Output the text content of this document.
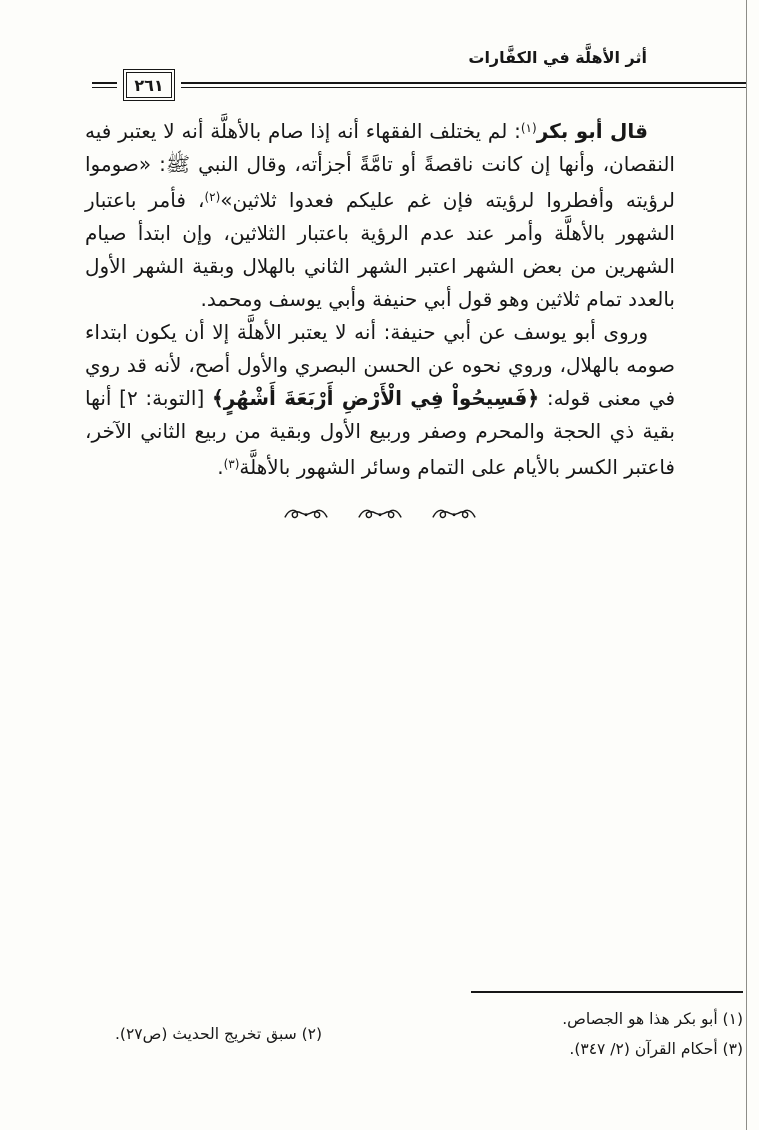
أثر الأهلَّة في الكفَّارات
٢٦١

قال أبو بكر$^{(١)}$: لم يختلف الفقهاء أنه إذا صام بالأهلَّة أنه لا يعتبر فيه النقصان، وأنها إن كانت ناقصةً أو تامَّةً أجزأته، وقال النبي ﷺ: «صوموا لرؤيته وأفطروا لرؤيته فإن غم عليكم فعدوا ثلاثين»$^{(٢)}$، فأمر باعتبار الشهور بالأهلَّة وأمر عند عدم الرؤية باعتبار الثلاثين، وإن ابتدأ صيام الشهرين من بعض الشهر اعتبر الشهر الثاني بالهلال وبقية الشهر الأول بالعدد تمام ثلاثين وهو قول أبي حنيفة وأبي يوسف ومحمد.

وروى أبو يوسف عن أبي حنيفة: أنه لا يعتبر الأهلَّة إلا أن يكون ابتداء صومه بالهلال، وروي نحوه عن الحسن البصري والأول أصح، لأنه قد روي في معنى قوله: ﴿فَسِيحُواْ فِي الْأَرْضِ أَرْبَعَةَ أَشْهُرٍ﴾ [التوبة: ٢] أنها بقية ذي الحجة والمحرم وصفر وربيع الأول وبقية من ربيع الثاني الآخر، فاعتبر الكسر بالأيام على التمام وسائر الشهور بالأهلَّة$^{(٣)}$.

(١) أبو بكر هذا هو الجصاص.
(٣) أحكام القرآن (٢/ ٣٤٧).
(٢) سبق تخريج الحديث (ص٢٧).
